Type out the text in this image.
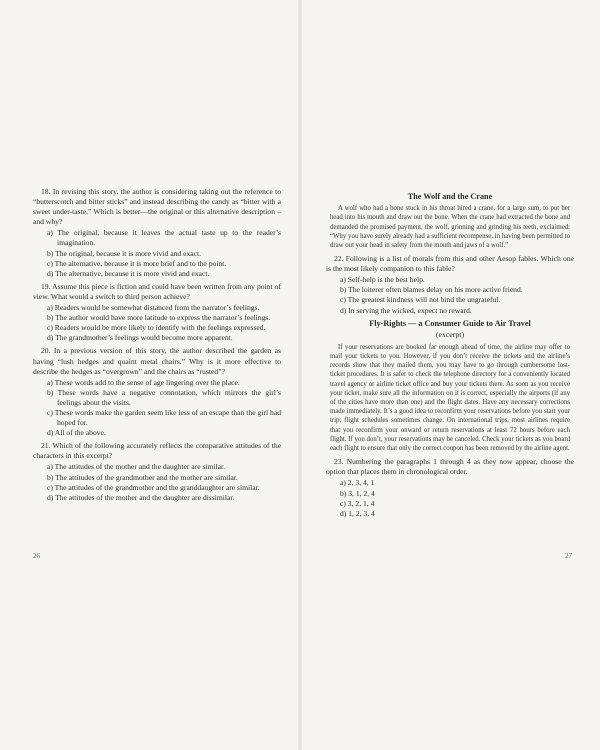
18. In revising this story, the author is considering taking out the reference to “butterscotch and bitter sticks” and instead describing the candy as “bitter with a sweet under-taste.” Which is better—the original or this alternative description – and why?

a) The original, because it leaves the actual taste up to the reader’s imagination.

b) The original, because it is more vivid and exact.

c) The alternative, because it is more brief and to the point.

d) The alternative, because it is more vivid and exact.

19. Assume this piece is fiction and could have been written from any point of view. What would a switch to third person achieve?

a) Readers would be somewhat distanced from the narrator’s feelings.

b) The author would have more latitude to express the narrator’s feelings.

c) Readers would be more likely to identify with the feelings expressed.

d) The grandmother’s feelings would become more apparent.

20. In a previous version of this story, the author described the garden as having “lush hedges and quaint metal chairs.” Why is it more effective to describe the hedges as “overgrown” and the chairs as “rusted”?

a) These words add to the sense of age lingering over the place.

b) These words have a negative connotation, which mirrors the girl’s feelings about the visits.

c) These words make the garden seem like less of an escape than the girl had hoped for.

d) All of the above.

21. Which of the following accurately reflects the comparative attitudes of the characters in this excerpt?

a) The attitudes of the mother and the daughter are similar.

b) The attitudes of the grandmother and the mother are similar.

c) The attitudes of the grandmother and the granddaughter are similar.

d) The attitudes of the mother and the daughter are dissimilar.

26
The Wolf and the Crane

A wolf who had a bone stuck in his throat hired a crane, for a large sum, to put her head into his mouth and draw out the bone. When the crane had extracted the bone and demanded the promised payment, the wolf, grinning and grinding his teeth, exclaimed: “Why you have surely already had a sufficient recompense, in having been permitted to draw out your head in safety from the mouth and jaws of a wolf.”

22. Following is a list of morals from this and other Aesop fables. Which one is the most likely companion to this fable?

a) Self-help is the best help.

b) The loiterer often blames delay on his more active friend.

c) The greatest kindness will not bind the ungrateful.

d) In serving the wicked, expect no reward.

Fly-Rights — a Consumer Guide to Air Travel
(excerpt)

If your reservations are booked far enough ahead of time, the airline may offer to mail your tickets to you. However, if you don’t receive the tickets and the airline’s records show that they mailed them, you may have to go through cumbersome lost-ticket procedures. It is safer to check the telephone directory for a conveniently located travel agency or airline ticket office and buy your tickets there. As soon as you receive your ticket, make sure all the information on it is correct, especially the airports (if any of the cities have more than one) and the flight dates. Have any necessary corrections made immediately. It’s a good idea to reconfirm your reservations before you start your trip; flight schedules sometimes change. On international trips, most airlines require that you reconfirm your onward or return reservations at least 72 hours before each flight. If you don’t, your reservations may be canceled. Check your tickets as you board each flight to ensure that only the correct coupon has been removed by the airline agent.

23. Numbering the paragraphs 1 through 4 as they now appear, choose the option that places them in chronological order.

a) 2, 3, 4, 1

b) 3, 1, 2, 4

c) 3, 2, 1, 4

d) 1, 2, 3, 4

27
